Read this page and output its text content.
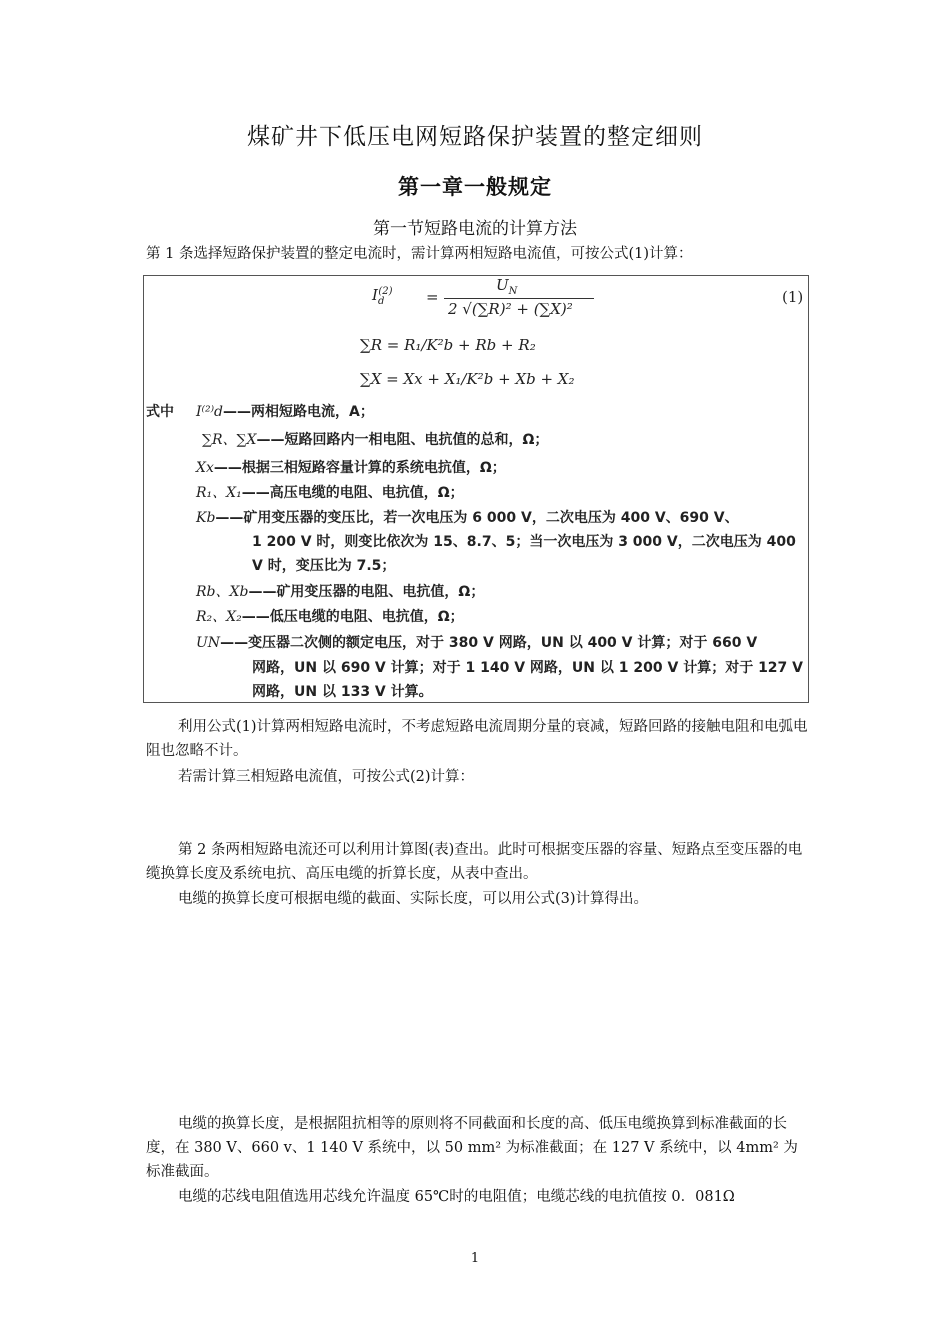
煤矿井下低压电网短路保护装置的整定细则
第一章一般规定
第一节短路电流的计算方法
第 1 条选择短路保护装置的整定电流时，需计算两相短路电流值，可按公式(1)计算：
$I_d^{(2)}$	=
$U_N$
2 √(∑R)² + (∑X)²
(1)
∑R = R₁/K²b + Rb + R₂
∑X = Xx + X₁/K²b + Xb + X₂
式中 I⁽²⁾d——两相短路电流，A；
∑R、∑X——短路回路内一相电阻、电抗值的总和，Ω；
Xx——根据三相短路容量计算的系统电抗值，Ω；
R₁、X₁——高压电缆的电阻、电抗值，Ω；
Kb——矿用变压器的变压比，若一次电压为 6 000 V，二次电压为 400 V、690 V、
1 200 V 时，则变比依次为 15、8.7、5；当一次电压为 3 000 V，二次电压为 400
V 时，变压比为 7.5；
Rb、Xb——矿用变压器的电阻、电抗值，Ω；
R₂、X₂——低压电缆的电阻、电抗值，Ω；
UN——变压器二次侧的额定电压，对于 380 V 网路，UN 以 400 V 计算；对于 660 V
网路，UN 以 690 V 计算；对于 1 140 V 网路，UN 以 1 200 V 计算；对于 127 V
网路，UN 以 133 V 计算。
利用公式(1)计算两相短路电流时，不考虑短路电流周期分量的衰减，短路回路的接触电阻和电弧电阻也忽略不计。
若需计算三相短路电流值，可按公式(2)计算：
第 2 条两相短路电流还可以利用计算图(表)查出。此时可根据变压器的容量、短路点至变压器的电缆换算长度及系统电抗、高压电缆的折算长度，从表中查出。
电缆的换算长度可根据电缆的截面、实际长度，可以用公式(3)计算得出。
电缆的换算长度，是根据阻抗相等的原则将不同截面和长度的高、低压电缆换算到标准截面的长度，在 380 V、660 v、1 140 V 系统中，以 50 mm² 为标准截面；在 127 V 系统中，以 4mm² 为标准截面。
电缆的芯线电阻值选用芯线允许温度 65℃时的电阻值；电缆芯线的电抗值按 0．081Ω
1
